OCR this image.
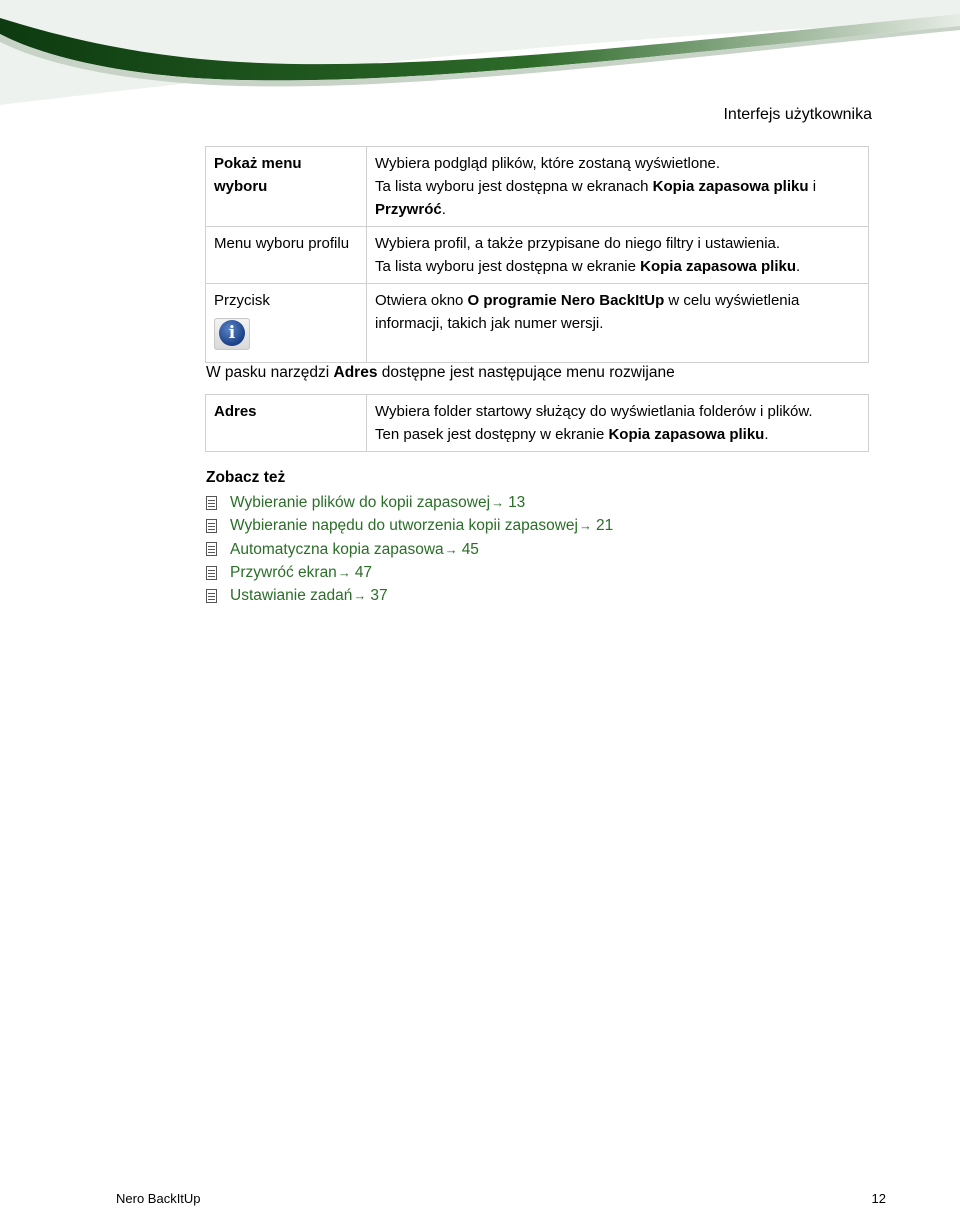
Interfejs użytkownika
Pokaż menu wyboru	Wybiera podgląd plików, które zostaną wyświetlone.
Ta lista wyboru jest dostępna w ekranach Kopia zapasowa pliku i Przywróć.

Menu wyboru profilu	Wybiera profil, a także przypisane do niego filtry i ustawienia.
Ta lista wyboru jest dostępna w ekranie Kopia zapasowa pliku.

Przycisk
i	Otwiera okno O programie Nero BackItUp w celu wyświetlenia informacji, takich jak numer wersji.
W pasku narzędzi Adres dostępne jest następujące menu rozwijane
Adres	Wybiera folder startowy służący do wyświetlania folderów i plików.
Ten pasek jest dostępny w ekranie Kopia zapasowa pliku.
Zobacz też
Wybieranie plików do kopii zapasowej → 13
Wybieranie napędu do utworzenia kopii zapasowej → 21
Automatyczna kopia zapasowa → 45
Przywróć ekran → 47
Ustawianie zadań → 37
Nero BackItUp	12
